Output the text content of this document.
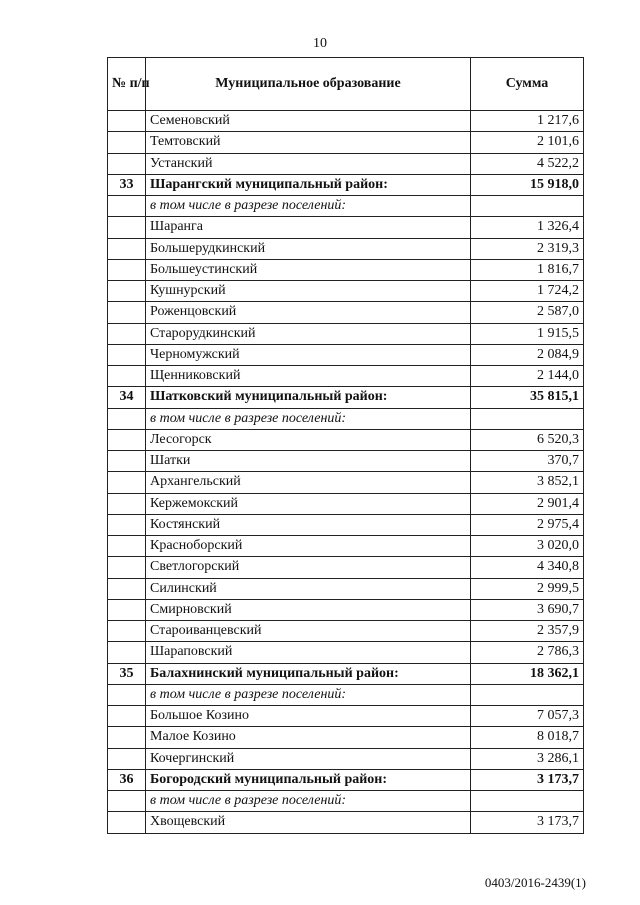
10
№ п/п	Муниципальное образование	Сумма
	Семеновский	1 217,6
	Темтовский	2 101,6
	Устанский	4 522,2
33	Шарангский муниципальный район:	15 918,0
	в том числе в разрезе поселений:	
	Шаранга	1 326,4
	Большерудкинский	2 319,3
	Большеустинский	1 816,7
	Кушнурский	1 724,2
	Роженцовский	2 587,0
	Старорудкинский	1 915,5
	Черномужский	2 084,9
	Щенниковский	2 144,0
34	Шатковский муниципальный район:	35 815,1
	в том числе в разрезе поселений:	
	Лесогорск	6 520,3
	Шатки	370,7
	Архангельский	3 852,1
	Кержемокский	2 901,4
	Костянский	2 975,4
	Красноборский	3 020,0
	Светлогорский	4 340,8
	Силинский	2 999,5
	Смирновский	3 690,7
	Староиванцевский	2 357,9
	Шараповский	2 786,3
35	Балахнинский муниципальный район:	18 362,1
	в том числе в разрезе поселений:	
	Большое Козино	7 057,3
	Малое Козино	8 018,7
	Кочергинский	3 286,1
36	Богородский муниципальный район:	3 173,7
	в том числе в разрезе поселений:	
	Хвощевский	3 173,7
0403/2016-2439(1)
